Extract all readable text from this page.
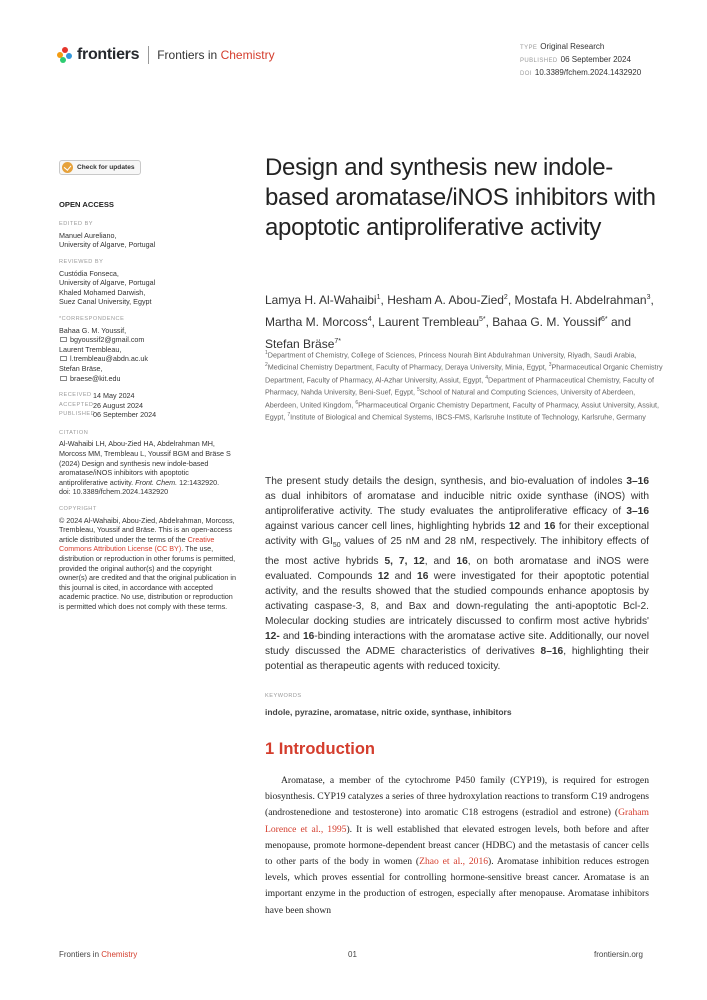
frontiers Frontiers in Chemistry	TYPE Original Research
PUBLISHED 06 September 2024
DOI 10.3389/fchem.2024.1432920
Check for updates
OPEN ACCESS
EDITED BY
Manuel Aureliano,
University of Algarve, Portugal
REVIEWED BY
Custódia Fonseca,
University of Algarve, Portugal
Khaled Mohamed Darwish,
Suez Canal University, Egypt
*CORRESPONDENCE
Bahaa G. M. Youssif,
bgyoussif2@gmail.com
Laurent Trembleau,
l.trembleau@abdn.ac.uk
Stefan Bräse,
braese@kit.edu
RECEIVED 14 May 2024
ACCEPTED 26 August 2024
PUBLISHED
06 September 2024
CITATION
Al-Wahaibi LH, Abou-Zied HA, Abdelrahman MH, Morcoss MM, Trembleau L, Youssif BGM and Bräse S (2024) Design and synthesis new indole-based aromatase/iNOS inhibitors with apoptotic antiproliferative activity. Front. Chem. 12:1432920.
doi: 10.3389/fchem.2024.1432920
COPYRIGHT
© 2024 Al-Wahaibi, Abou-Zied, Abdelrahman, Morcoss, Trembleau, Youssif and Bräse. This is an open-access article distributed under the terms of the Creative Commons Attribution License (CC BY). The use, distribution or reproduction in other forums is permitted, provided the original author(s) and the copyright owner(s) are credited and that the original publication in this journal is cited, in accordance with accepted academic practice. No use, distribution or reproduction is permitted which does not comply with these terms.
Design and synthesis new indole-based aromatase/iNOS inhibitors with apoptotic antiproliferative activity
Lamya H. Al-Wahaibi$^1$, Hesham A. Abou-Zied$^2$, Mostafa H. Abdelrahman$^3$, Martha M. Morcoss$^4$, Laurent Trembleau$^{5*}$, Bahaa G. M. Youssif$^{6*}$ and Stefan Bräse$^{7*}$
$^1$Department of Chemistry, College of Sciences, Princess Nourah Bint Abdulrahman University, Riyadh, Saudi Arabia, $^2$Medicinal Chemistry Department, Faculty of Pharmacy, Deraya University, Minia, Egypt, $^3$Pharmaceutical Organic Chemistry Department, Faculty of Pharmacy, Al-Azhar University, Assiut, Egypt, $^4$Department of Pharmaceutical Chemistry, Faculty of Pharmacy, Nahda University, Beni-Suef, Egypt, $^5$School of Natural and Computing Sciences, University of Aberdeen, Aberdeen, United Kingdom, $^6$Pharmaceutical Organic Chemistry Department, Faculty of Pharmacy, Assiut University, Assiut, Egypt, $^7$Institute of Biological and Chemical Systems, IBCS-FMS, Karlsruhe Institute of Technology, Karlsruhe, Germany
The present study details the design, synthesis, and bio-evaluation of indoles 3–16 as dual inhibitors of aromatase and inducible nitric oxide synthase (iNOS) with antiproliferative activity. The study evaluates the antiproliferative efficacy of 3–16 against various cancer cell lines, highlighting hybrids 12 and 16 for their exceptional activity with $GI_{50}$ values of 25 nM and 28 nM, respectively. The inhibitory effects of the most active hybrids 5, 7, 12, and 16, on both aromatase and iNOS were evaluated. Compounds 12 and 16 were investigated for their apoptotic potential activity, and the results showed that the studied compounds enhance apoptosis by activating caspase-3, 8, and Bax and down-regulating the anti-apoptotic Bcl-2. Molecular docking studies are intricately discussed to confirm most active hybrids' 12- and 16-binding interactions with the aromatase active site. Additionally, our novel study discussed the ADME characteristics of derivatives 8–16, highlighting their potential as therapeutic agents with reduced toxicity.
KEYWORDS
indole, pyrazine, aromatase, nitric oxide, synthase, inhibitors
1 Introduction
Aromatase, a member of the cytochrome P450 family (CYP19), is required for estrogen biosynthesis. CYP19 catalyzes a series of three hydroxylation reactions to transform C19 androgens (androstenedione and testosterone) into aromatic C18 estrogens (estradiol and estrone) (Graham Lorence et al., 1995). It is well established that elevated estrogen levels, both before and after menopause, promote hormone-dependent breast cancer (HDBC) and the metastasis of cancer cells to other parts of the body in women (Zhao et al., 2016). Aromatase inhibition reduces estrogen levels, which proves essential for controlling hormone-sensitive breast cancer. Aromatase is an important enzyme in the production of estrogen, especially after menopause. Aromatase inhibitors have been shown
Frontiers in Chemistry	01	frontiersin.org
